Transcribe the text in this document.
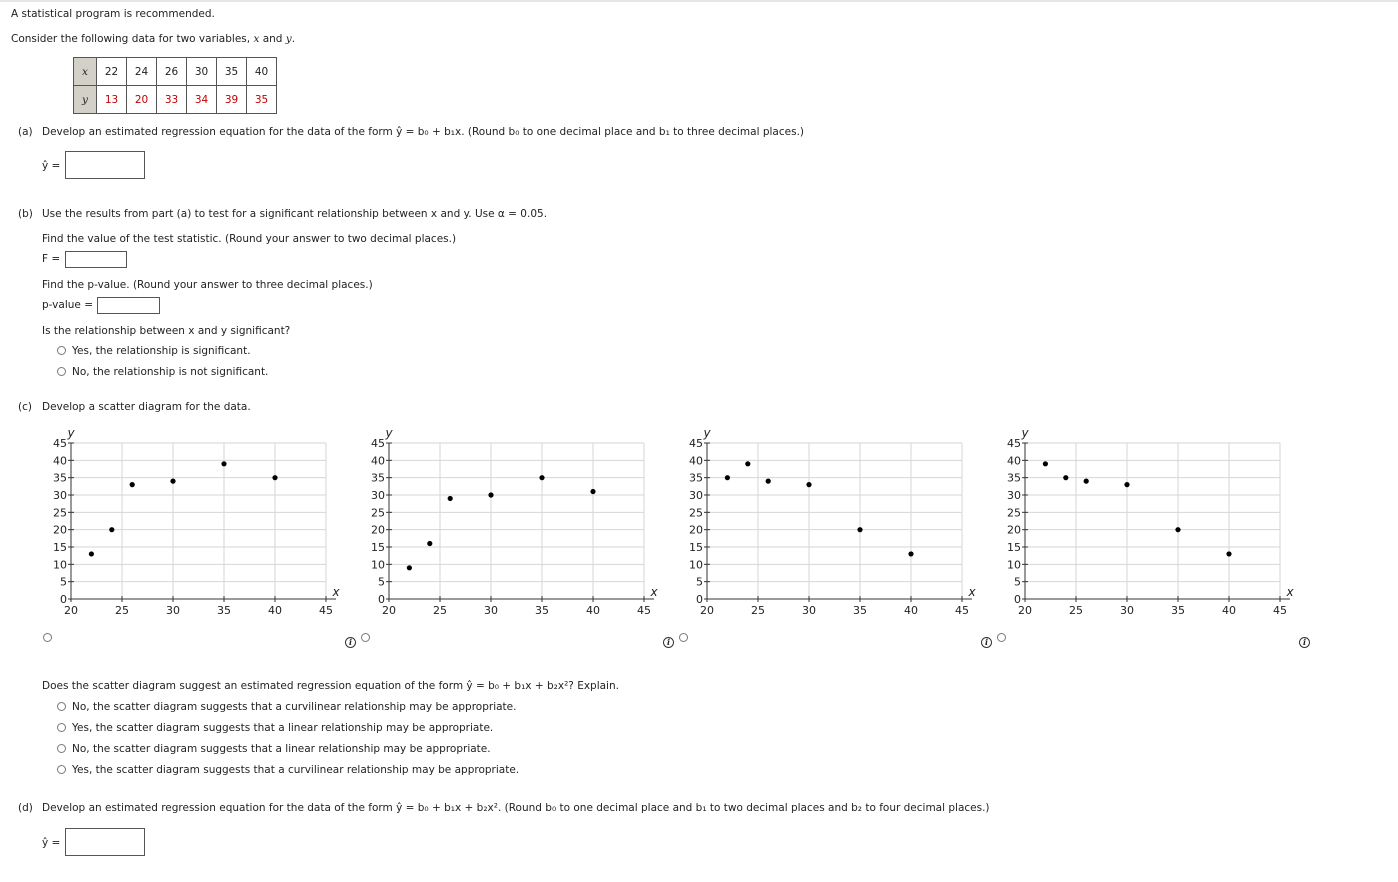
A statistical program is recommended.
Consider the following data for two variables, x and y.
x	22	24	26	30	35	40
y	13	20	33	34	39	35
(a) Develop an estimated regression equation for the data of the form ŷ = b₀ + b₁x. (Round b₀ to one decimal place and b₁ to three decimal places.)
ŷ =
(b) Use the results from part (a) to test for a significant relationship between x and y. Use α = 0.05.
Find the value of the test statistic. (Round your answer to two decimal places.)
F =
Find the p-value. (Round your answer to three decimal places.)
p-value =
Is the relationship between x and y significant?
Yes, the relationship is significant.
No, the relationship is not significant.
(c) Develop a scatter diagram for the data.
0
5
10
15
20
25
30
35
40
45
20	25	30	35	40	45
y
x
0
5
10
15
20
25
30
35
40
45
20	25	30	35	40	45
y
x
0
5
10
15
20
25
30
35
40
45
20	25	30	35	40	45
y
x
0
5
10
15
20
25
30
35
40
45
20	25	30	35	40	45
y
x
i	i	i	i
Does the scatter diagram suggest an estimated regression equation of the form ŷ = b₀ + b₁x + b₂x²? Explain.
No, the scatter diagram suggests that a curvilinear relationship may be appropriate.
Yes, the scatter diagram suggests that a linear relationship may be appropriate.
No, the scatter diagram suggests that a linear relationship may be appropriate.
Yes, the scatter diagram suggests that a curvilinear relationship may be appropriate.
(d) Develop an estimated regression equation for the data of the form ŷ = b₀ + b₁x + b₂x². (Round b₀ to one decimal place and b₁ to two decimal places and b₂ to four decimal places.)
ŷ =
